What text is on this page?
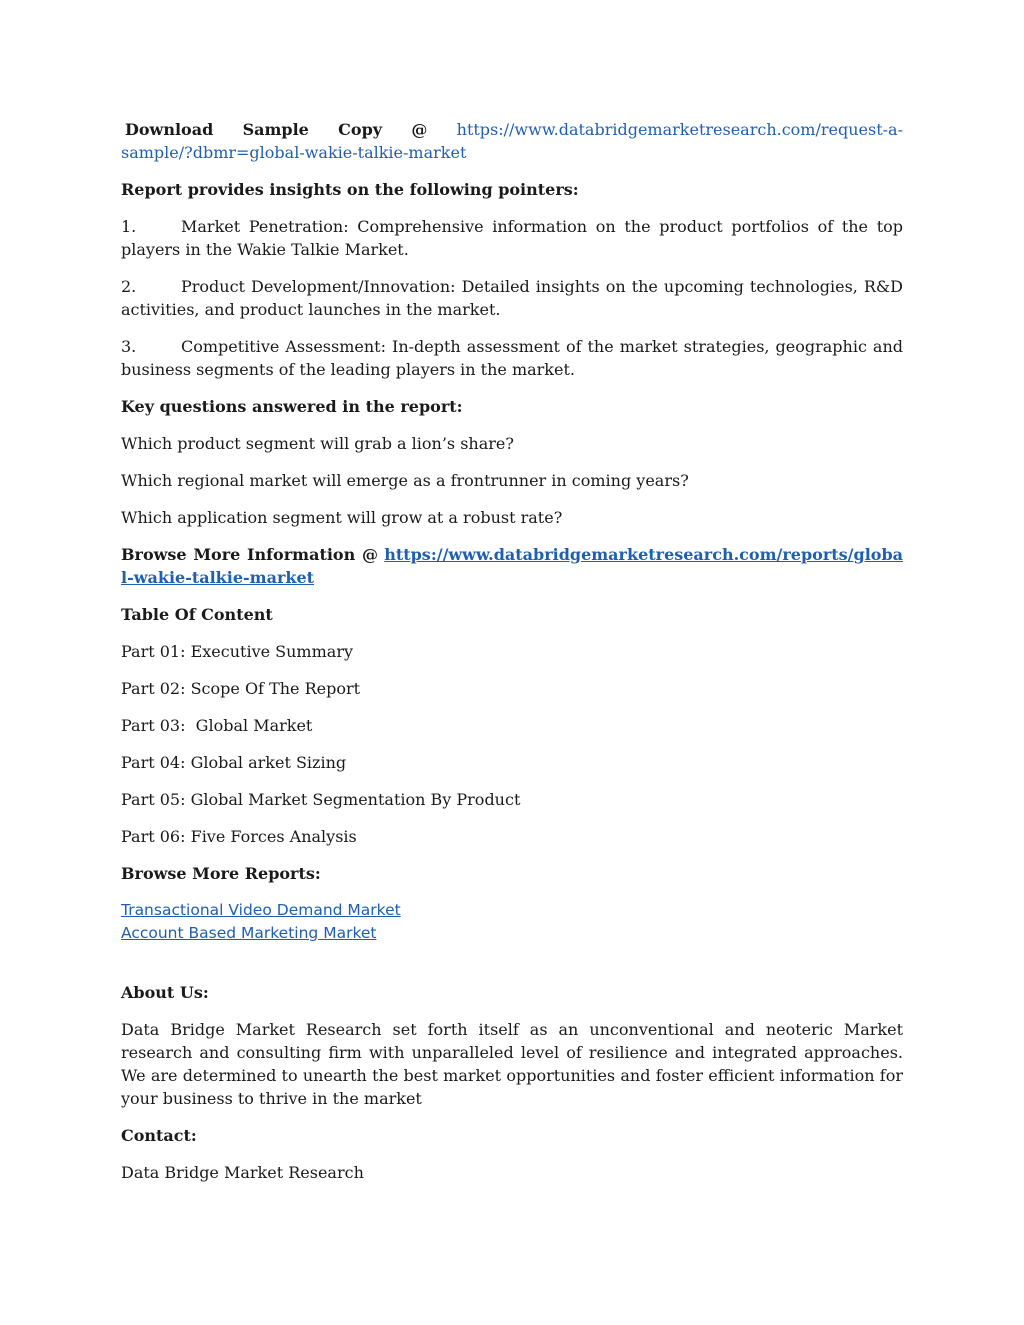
Download Sample Copy @ https://www.databridgemarketresearch.com/request-a-
sample/?dbmr=global-wakie-talkie-market

Report provides insights on the following pointers:

1.	Market Penetration: Comprehensive information on the product portfolios of the top players in the Wakie Talkie Market.

2.	Product Development/Innovation: Detailed insights on the upcoming technologies, R&D activities, and product launches in the market.

3.	Competitive Assessment: In-depth assessment of the market strategies, geographic and business segments of the leading players in the market.

Key questions answered in the report:

Which product segment will grab a lion’s share?

Which regional market will emerge as a frontrunner in coming years?

Which application segment will grow at a robust rate?

Browse More Information @ https://www.databridgemarketresearch.com/reports/global-wakie-talkie-market

Table Of Content

Part 01: Executive Summary

Part 02: Scope Of The Report

Part 03:  Global Market

Part 04: Global arket Sizing

Part 05: Global Market Segmentation By Product

Part 06: Five Forces Analysis

Browse More Reports:

Transactional Video Demand Market
Account Based Marketing Market

About Us:

Data Bridge Market Research set forth itself as an unconventional and neoteric Market research and consulting firm with unparalleled level of resilience and integrated approaches. We are determined to unearth the best market opportunities and foster efficient information for your business to thrive in the market

Contact:

Data Bridge Market Research
